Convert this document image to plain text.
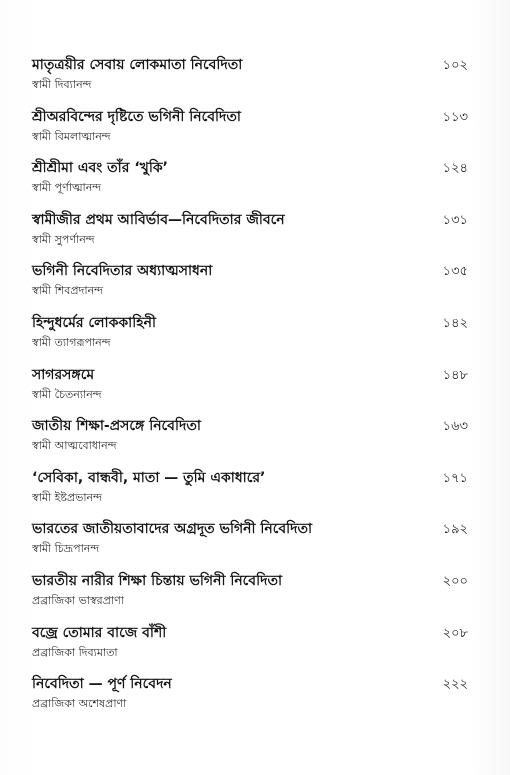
মাতৃত্রয়ীর সেবায় লোকমাতা নিবেদিতা
স্বামী দিব্যানন্দ
১০২
শ্রীঅরবিন্দের দৃষ্টিতে ভগিনী নিবেদিতা
স্বামী বিমলাত্মানন্দ
১১৩
শ্রীশ্রীমা এবং তাঁর ‘খুকি’
স্বামী পূর্ণাত্মানন্দ
১২৪
স্বামীজীর প্রথম আবির্ভাব—নিবেদিতার জীবনে
স্বামী সুপর্ণানন্দ
১৩১
ভগিনী নিবেদিতার অধ্যাত্মসাধনা
স্বামী শিবপ্রদানন্দ
১৩৫
হিন্দুধর্মের লোককাহিনী
স্বামী ত্যাগরূপানন্দ
১৪২
সাগরসঙ্গমে
স্বামী চৈতন্যানন্দ
১৪৮
জাতীয় শিক্ষা-প্রসঙ্গে নিবেদিতা
স্বামী আত্মবোধানন্দ
১৬৩
‘সেবিকা, বান্ধবী, মাতা — তুমি একাধারে’
স্বামী ইষ্টপ্রভানন্দ
১৭১
ভারতের জাতীয়তাবাদের অগ্রদূত ভগিনী নিবেদিতা
স্বামী চিদ্রূপানন্দ
১৯২
ভারতীয় নারীর শিক্ষা চিন্তায় ভগিনী নিবেদিতা
প্রব্রাজিকা ভাস্বরপ্রাণা
২০০
বজ্রে তোমার বাজে বাঁশী
প্রব্রাজিকা দিব্যমাতা
২০৮
নিবেদিতা — পূর্ণ নিবেদন
প্রব্রাজিকা অশেষপ্রাণা
২২২
